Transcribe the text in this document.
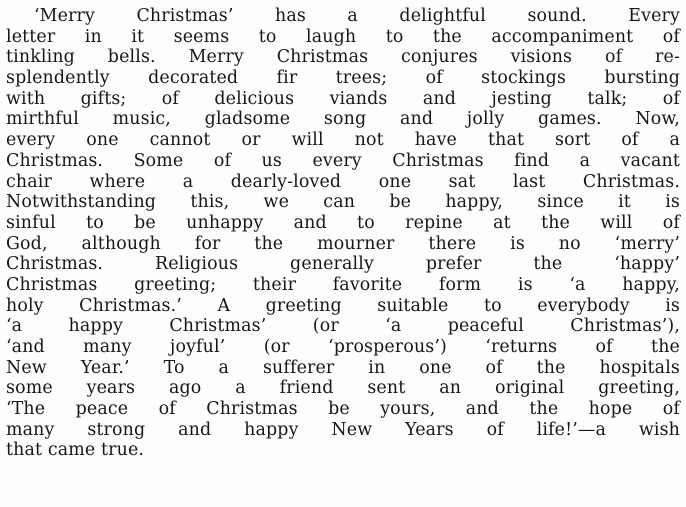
‘Merry Christmas’ has a delightful sound. Every
letter in it seems to laugh to the accompaniment of
tinkling bells. Merry Christmas conjures visions of re-
splendently decorated fir trees; of stockings bursting
with gifts; of delicious viands and jesting talk; of
mirthful music, gladsome song and jolly games. Now,
every one cannot or will not have that sort of a
Christmas. Some of us every Christmas find a vacant
chair where a dearly-loved one sat last Christmas.
Notwithstanding this, we can be happy, since it is
sinful to be unhappy and to repine at the will of
God, although for the mourner there is no ‘merry’
Christmas. Religious generally prefer the ‘happy’
Christmas greeting; their favorite form is ‘a happy,
holy Christmas.’ A greeting suitable to everybody is
‘a happy Christmas’ (or ‘a peaceful Christmas’),
‘and many joyful’ (or ‘prosperous’) ‘returns of the
New Year.’ To a sufferer in one of the hospitals
some years ago a friend sent an original greeting,
‘The peace of Christmas be yours, and the hope of
many strong and happy New Years of life!’—a wish
that came true.
